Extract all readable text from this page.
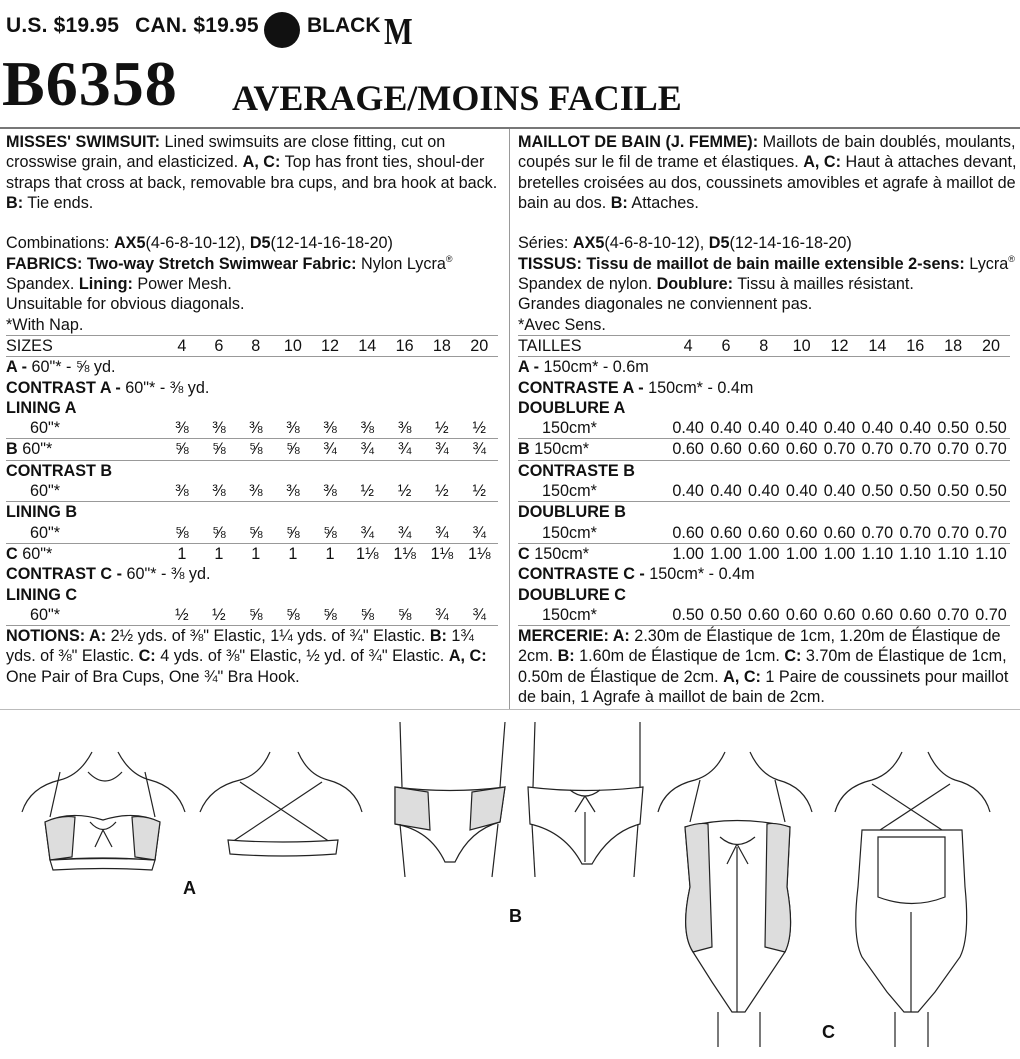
U.S. $19.95 CAN. $19.95	BLACK M
B6358 AVERAGE/MOINS FACILE

MISSES' SWIMSUIT: Lined swimsuits are close fitting, cut on crosswise grain, and elasticized. A, C: Top has front ties, shoul-der straps that cross at back, removable bra cups, and bra hook at back. B: Tie ends.

Combinations: AX5(4-6-8-10-12), D5(12-14-16-18-20)

FABRICS: Two-way Stretch Swimwear Fabric: Nylon Lycra® Spandex. Lining: Power Mesh.

Unsuitable for obvious diagonals.

*With Nap.

SIZES	4	6	8	10	12	14	16	18	20
A - 60"* - ⅝ yd.									
CONTRAST A - 60"* - ⅜ yd.									
LINING A									
60"*	⅜	⅜	⅜	⅜	⅜	⅜	⅜	½	½
B 60"*	⅝	⅝	⅝	⅝	¾	¾	¾	¾	¾
CONTRAST B									
60"*	⅜	⅜	⅜	⅜	⅜	½	½	½	½
LINING B									
60"*	⅝	⅝	⅝	⅝	⅝	¾	¾	¾	¾
C 60"*	1	1	1	1	1	1⅛	1⅛	1⅛	1⅛
CONTRAST C - 60"* - ⅜ yd.									
LINING C									
60"*	½	½	⅝	⅝	⅝	⅝	⅝	¾	¾

NOTIONS: A: 2½ yds. of ⅜" Elastic, 1¼ yds. of ¾" Elastic. B: 1¾ yds. of ⅜" Elastic. C: 4 yds. of ⅜" Elastic, ½ yd. of ¾" Elastic. A, C: One Pair of Bra Cups, One ¾" Bra Hook.

MAILLOT DE BAIN (J. FEMME): Maillots de bain doublés, moulants, coupés sur le fil de trame et élastiques. A, C: Haut à attaches devant, bretelles croisées au dos, coussinets amovibles et agrafe à maillot de bain au dos. B: Attaches.

Séries: AX5(4-6-8-10-12), D5(12-14-16-18-20)

TISSUS: Tissu de maillot de bain maille extensible 2-sens: Lycra® Spandex de nylon. Doublure: Tissu à mailles résistant.

Grandes diagonales ne conviennent pas.

*Avec Sens.

TAILLES	4	6	8	10	12	14	16	18	20
A - 150cm* - 0.6m									
CONTRASTE A - 150cm* - 0.4m									
DOUBLURE A									
150cm*	0.40	0.40	0.40	0.40	0.40	0.40	0.40	0.50	0.50
B 150cm*	0.60	0.60	0.60	0.60	0.70	0.70	0.70	0.70	0.70
CONTRASTE B									
150cm*	0.40	0.40	0.40	0.40	0.40	0.50	0.50	0.50	0.50
DOUBLURE B									
150cm*	0.60	0.60	0.60	0.60	0.60	0.70	0.70	0.70	0.70
C 150cm*	1.00	1.00	1.00	1.00	1.00	1.10	1.10	1.10	1.10
CONTRASTE C - 150cm* - 0.4m									
DOUBLURE C									
150cm*	0.50	0.50	0.60	0.60	0.60	0.60	0.60	0.70	0.70

MERCERIE: A: 2.30m de Élastique de 1cm, 1.20m de Élastique de 2cm. B: 1.60m de Élastique de 1cm. C: 3.70m de Élastique de 1cm, 0.50m de Élastique de 2cm. A, C: 1 Paire de coussinets pour maillot de bain, 1 Agrafe à maillot de bain de 2cm.

A
B
C
